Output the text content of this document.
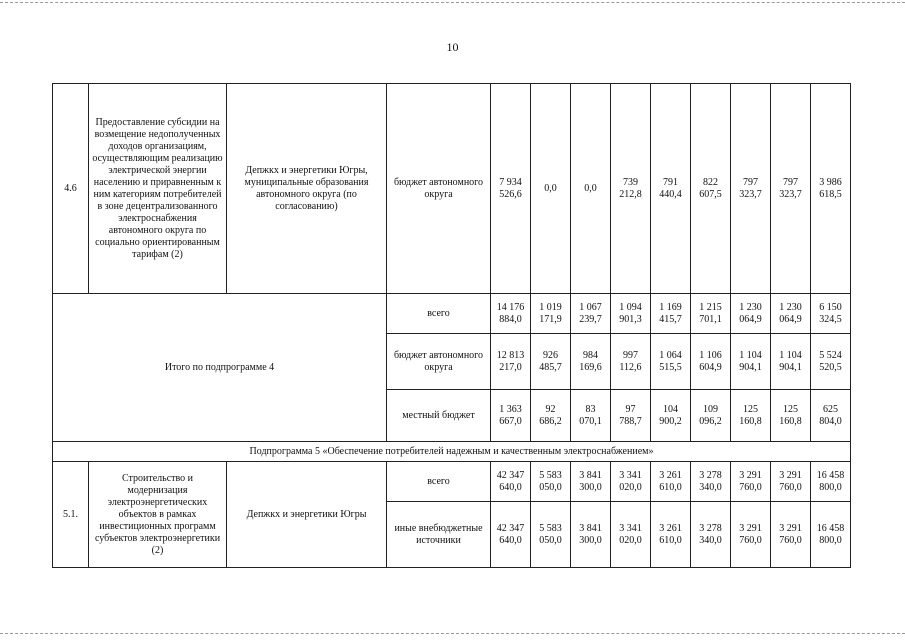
10
4.6	Предоставление субсидии на возмещение недополученных доходов организациям, осуществляющим реализацию электрической энергии населению и приравненным к ним категориям потребителей в зоне децентрализованного электроснабжения автономного округа по социально ориентированным тарифам (2)	Депжкх и энергетики Югры, муниципальные образования автономного округа (по согласованию)	бюджет автономного округа	7 934 526,6	0,0	0,0	739 212,8	791 440,4	822 607,5	797 323,7	797 323,7	3 986 618,5
Итого по подпрограмме 4			всего	14 176 884,0	1 019 171,9	1 067 239,7	1 094 901,3	1 169 415,7	1 215 701,1	1 230 064,9	1 230 064,9	6 150 324,5
			бюджет автономного округа	12 813 217,0	926 485,7	984 169,6	997 112,6	1 064 515,5	1 106 604,9	1 104 904,1	1 104 904,1	5 524 520,5
			местный бюджет	1 363 667,0	92 686,2	83 070,1	97 788,7	104 900,2	109 096,2	125 160,8	125 160,8	625 804,0
Подпрограмма 5 «Обеспечение потребителей надежным и качественным электроснабжением»												
5.1.	Строительство и модернизация электроэнергетических объектов в рамках инвестиционных программ субъектов электроэнергетики (2)	Депжкх и энергетики Югры	всего	42 347 640,0	5 583 050,0	3 841 300,0	3 341 020,0	3 261 610,0	3 278 340,0	3 291 760,0	3 291 760,0	16 458 800,0
			иные внебюджетные источники	42 347 640,0	5 583 050,0	3 841 300,0	3 341 020,0	3 261 610,0	3 278 340,0	3 291 760,0	3 291 760,0	16 458 800,0
